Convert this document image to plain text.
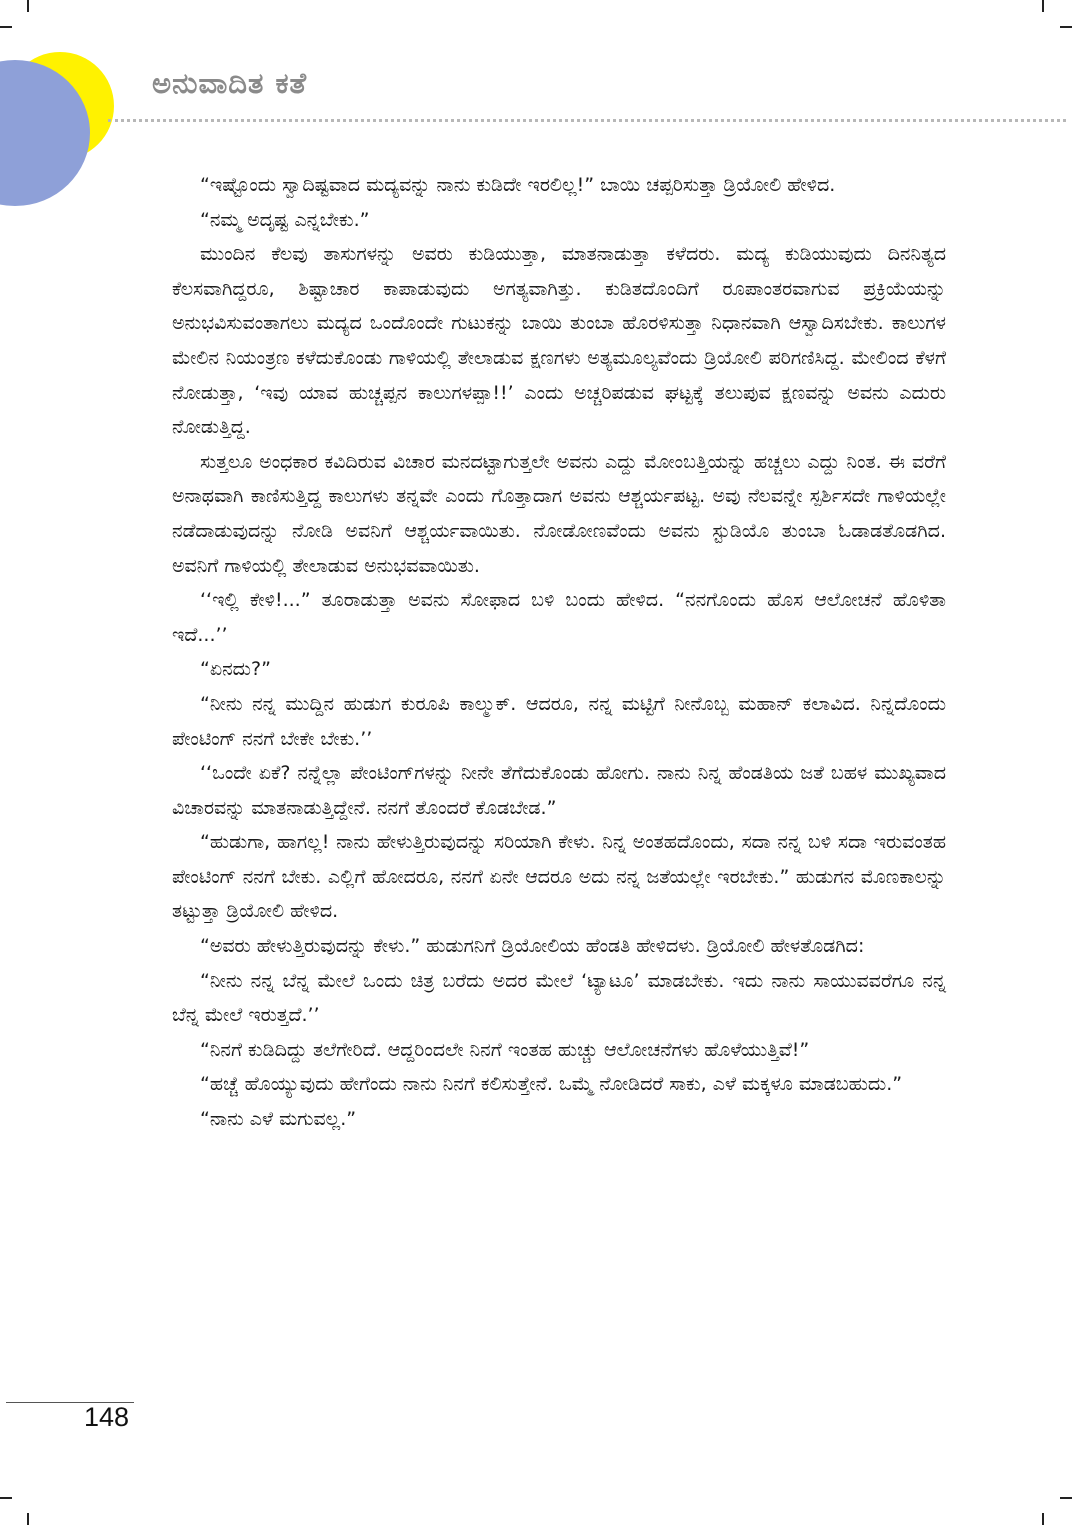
ಅನುವಾದಿತ ಕತೆ

“ಇಷ್ಟೊಂದು ಸ್ವಾದಿಷ್ಟವಾದ ಮದ್ಯವನ್ನು ನಾನು ಕುಡಿದೇ ಇರಲಿಲ್ಲ!” ಬಾಯಿ ಚಪ್ಪರಿಸುತ್ತಾ ಡ್ರಿಯೋಲಿ ಹೇಳಿದ.

“ನಮ್ಮ ಅದೃಷ್ಟ ಎನ್ನಬೇಕು.”

ಮುಂದಿನ ಕೆಲವು ತಾಸುಗಳನ್ನು ಅವರು ಕುಡಿಯುತ್ತಾ, ಮಾತನಾಡುತ್ತಾ ಕಳೆದರು. ಮದ್ಯ ಕುಡಿಯುವುದು ದಿನನಿತ್ಯದ ಕೆಲಸವಾಗಿದ್ದರೂ, ಶಿಷ್ಟಾಚಾರ ಕಾಪಾಡುವುದು ಅಗತ್ಯವಾಗಿತ್ತು. ಕುಡಿತದೊಂದಿಗೆ ರೂಪಾಂತರವಾಗುವ ಪ್ರಕ್ರಿಯೆಯನ್ನು ಅನುಭವಿಸುವಂತಾಗಲು ಮದ್ಯದ ಒಂದೊಂದೇ ಗುಟುಕನ್ನು ಬಾಯಿ ತುಂಬಾ ಹೊರಳಿಸುತ್ತಾ ನಿಧಾನವಾಗಿ ಆಸ್ವಾದಿಸಬೇಕು. ಕಾಲುಗಳ ಮೇಲಿನ ನಿಯಂತ್ರಣ ಕಳೆದುಕೊಂಡು ಗಾಳಿಯಲ್ಲಿ ತೇಲಾಡುವ ಕ್ಷಣಗಳು ಅತ್ಯಮೂಲ್ಯವೆಂದು ಡ್ರಿಯೋಲಿ ಪರಿಗಣಿಸಿದ್ದ. ಮೇಲಿಂದ ಕೆಳಗೆ ನೋಡುತ್ತಾ, ‘ಇವು ಯಾವ ಹುಚ್ಚಪ್ಪನ ಕಾಲುಗಳಪ್ಪಾ!!’ ಎಂದು ಅಚ್ಚರಿಪಡುವ ಘಟ್ಟಕ್ಕೆ ತಲುಪುವ ಕ್ಷಣವನ್ನು ಅವನು ಎದುರು ನೋಡುತ್ತಿದ್ದ.

ಸುತ್ತಲೂ ಅಂಧಕಾರ ಕವಿದಿರುವ ವಿಚಾರ ಮನದಟ್ಟಾಗುತ್ತಲೇ ಅವನು ಎದ್ದು ಮೋಂಬತ್ತಿಯನ್ನು ಹಚ್ಚಲು ಎದ್ದು ನಿಂತ. ಈ ವರೆಗೆ ಅನಾಥವಾಗಿ ಕಾಣಿಸುತ್ತಿದ್ದ ಕಾಲುಗಳು ತನ್ನವೇ ಎಂದು ಗೊತ್ತಾದಾಗ ಅವನು ಆಶ್ಚರ್ಯಪಟ್ಟ. ಅವು ನೆಲವನ್ನೇ ಸ್ಪರ್ಶಿಸದೇ ಗಾಳಿಯಲ್ಲೇ ನಡೆದಾಡುವುದನ್ನು ನೋಡಿ ಅವನಿಗೆ ಆಶ್ಚರ್ಯವಾಯಿತು. ನೋಡೋಣವೆಂದು ಅವನು ಸ್ಟುಡಿಯೊ ತುಂಬಾ ಓಡಾಡತೊಡಗಿದ. ಅವನಿಗೆ ಗಾಳಿಯಲ್ಲಿ ತೇಲಾಡುವ ಅನುಭವವಾಯಿತು.

‘‘ಇಲ್ಲಿ ಕೇಳಿ!...” ತೂರಾಡುತ್ತಾ ಅವನು ಸೋಫಾದ ಬಳಿ ಬಂದು ಹೇಳಿದ. “ನನಗೊಂದು ಹೊಸ ಆಲೋಚನೆ ಹೊಳಿತಾ ಇದೆ...’’

“ಏನದು?”

“ನೀನು ನನ್ನ ಮುದ್ದಿನ ಹುಡುಗ ಕುರೂಪಿ ಕಾಲ್ಮುಕ್. ಆದರೂ, ನನ್ನ ಮಟ್ಟಿಗೆ ನೀನೊಬ್ಬ ಮಹಾನ್ ಕಲಾವಿದ. ನಿನ್ನದೊಂದು ಪೇಂಟಿಂಗ್ ನನಗೆ ಬೇಕೇ ಬೇಕು.’’

‘‘ಒಂದೇ ಏಕೆ? ನನ್ನೆಲ್ಲಾ ಪೇಂಟಿಂಗ್‌ಗಳನ್ನು ನೀನೇ ತೆಗೆದುಕೊಂಡು ಹೋಗು. ನಾನು ನಿನ್ನ ಹೆಂಡತಿಯ ಜತೆ ಬಹಳ ಮುಖ್ಯವಾದ ವಿಚಾರವನ್ನು ಮಾತನಾಡುತ್ತಿದ್ದೇನೆ. ನನಗೆ ತೊಂದರೆ ಕೊಡಬೇಡ.”

“ಹುಡುಗಾ, ಹಾಗಲ್ಲ! ನಾನು ಹೇಳುತ್ತಿರುವುದನ್ನು ಸರಿಯಾಗಿ ಕೇಳು. ನಿನ್ನ ಅಂತಹದೊಂದು, ಸದಾ ನನ್ನ ಬಳಿ ಸದಾ ಇರುವಂತಹ ಪೇಂಟಿಂಗ್ ನನಗೆ ಬೇಕು. ಎಲ್ಲಿಗೆ ಹೋದರೂ, ನನಗೆ ಏನೇ ಆದರೂ ಅದು ನನ್ನ ಜತೆಯಲ್ಲೇ ಇರಬೇಕು.” ಹುಡುಗನ ಮೊಣಕಾಲನ್ನು ತಟ್ಟುತ್ತಾ ಡ್ರಿಯೋಲಿ ಹೇಳಿದ.

“ಅವರು ಹೇಳುತ್ತಿರುವುದನ್ನು ಕೇಳು.” ಹುಡುಗನಿಗೆ ಡ್ರಿಯೋಲಿಯ ಹೆಂಡತಿ ಹೇಳಿದಳು. ಡ್ರಿಯೋಲಿ ಹೇಳತೊಡಗಿದ:

“ನೀನು ನನ್ನ ಬೆನ್ನ ಮೇಲೆ ಒಂದು ಚಿತ್ರ ಬರೆದು ಅದರ ಮೇಲೆ ‘ಟ್ಯಾಟೂ’ ಮಾಡಬೇಕು. ಇದು ನಾನು ಸಾಯುವವರೆಗೂ ನನ್ನ ಬೆನ್ನ ಮೇಲೆ ಇರುತ್ತದೆ.’’

“ನಿನಗೆ ಕುಡಿದಿದ್ದು ತಲೆಗೇರಿದೆ. ಆದ್ದರಿಂದಲೇ ನಿನಗೆ ಇಂತಹ ಹುಚ್ಚು ಆಲೋಚನೆಗಳು ಹೊಳೆಯುತ್ತಿವೆ!”

“ಹಚ್ಚೆ ಹೊಯ್ಯುವುದು ಹೇಗೆಂದು ನಾನು ನಿನಗೆ ಕಲಿಸುತ್ತೇನೆ. ಒಮ್ಮೆ ನೋಡಿದರೆ ಸಾಕು, ಎಳೆ ಮಕ್ಕಳೂ ಮಾಡಬಹುದು.”

“ನಾನು ಎಳೆ ಮಗುವಲ್ಲ.”

148
